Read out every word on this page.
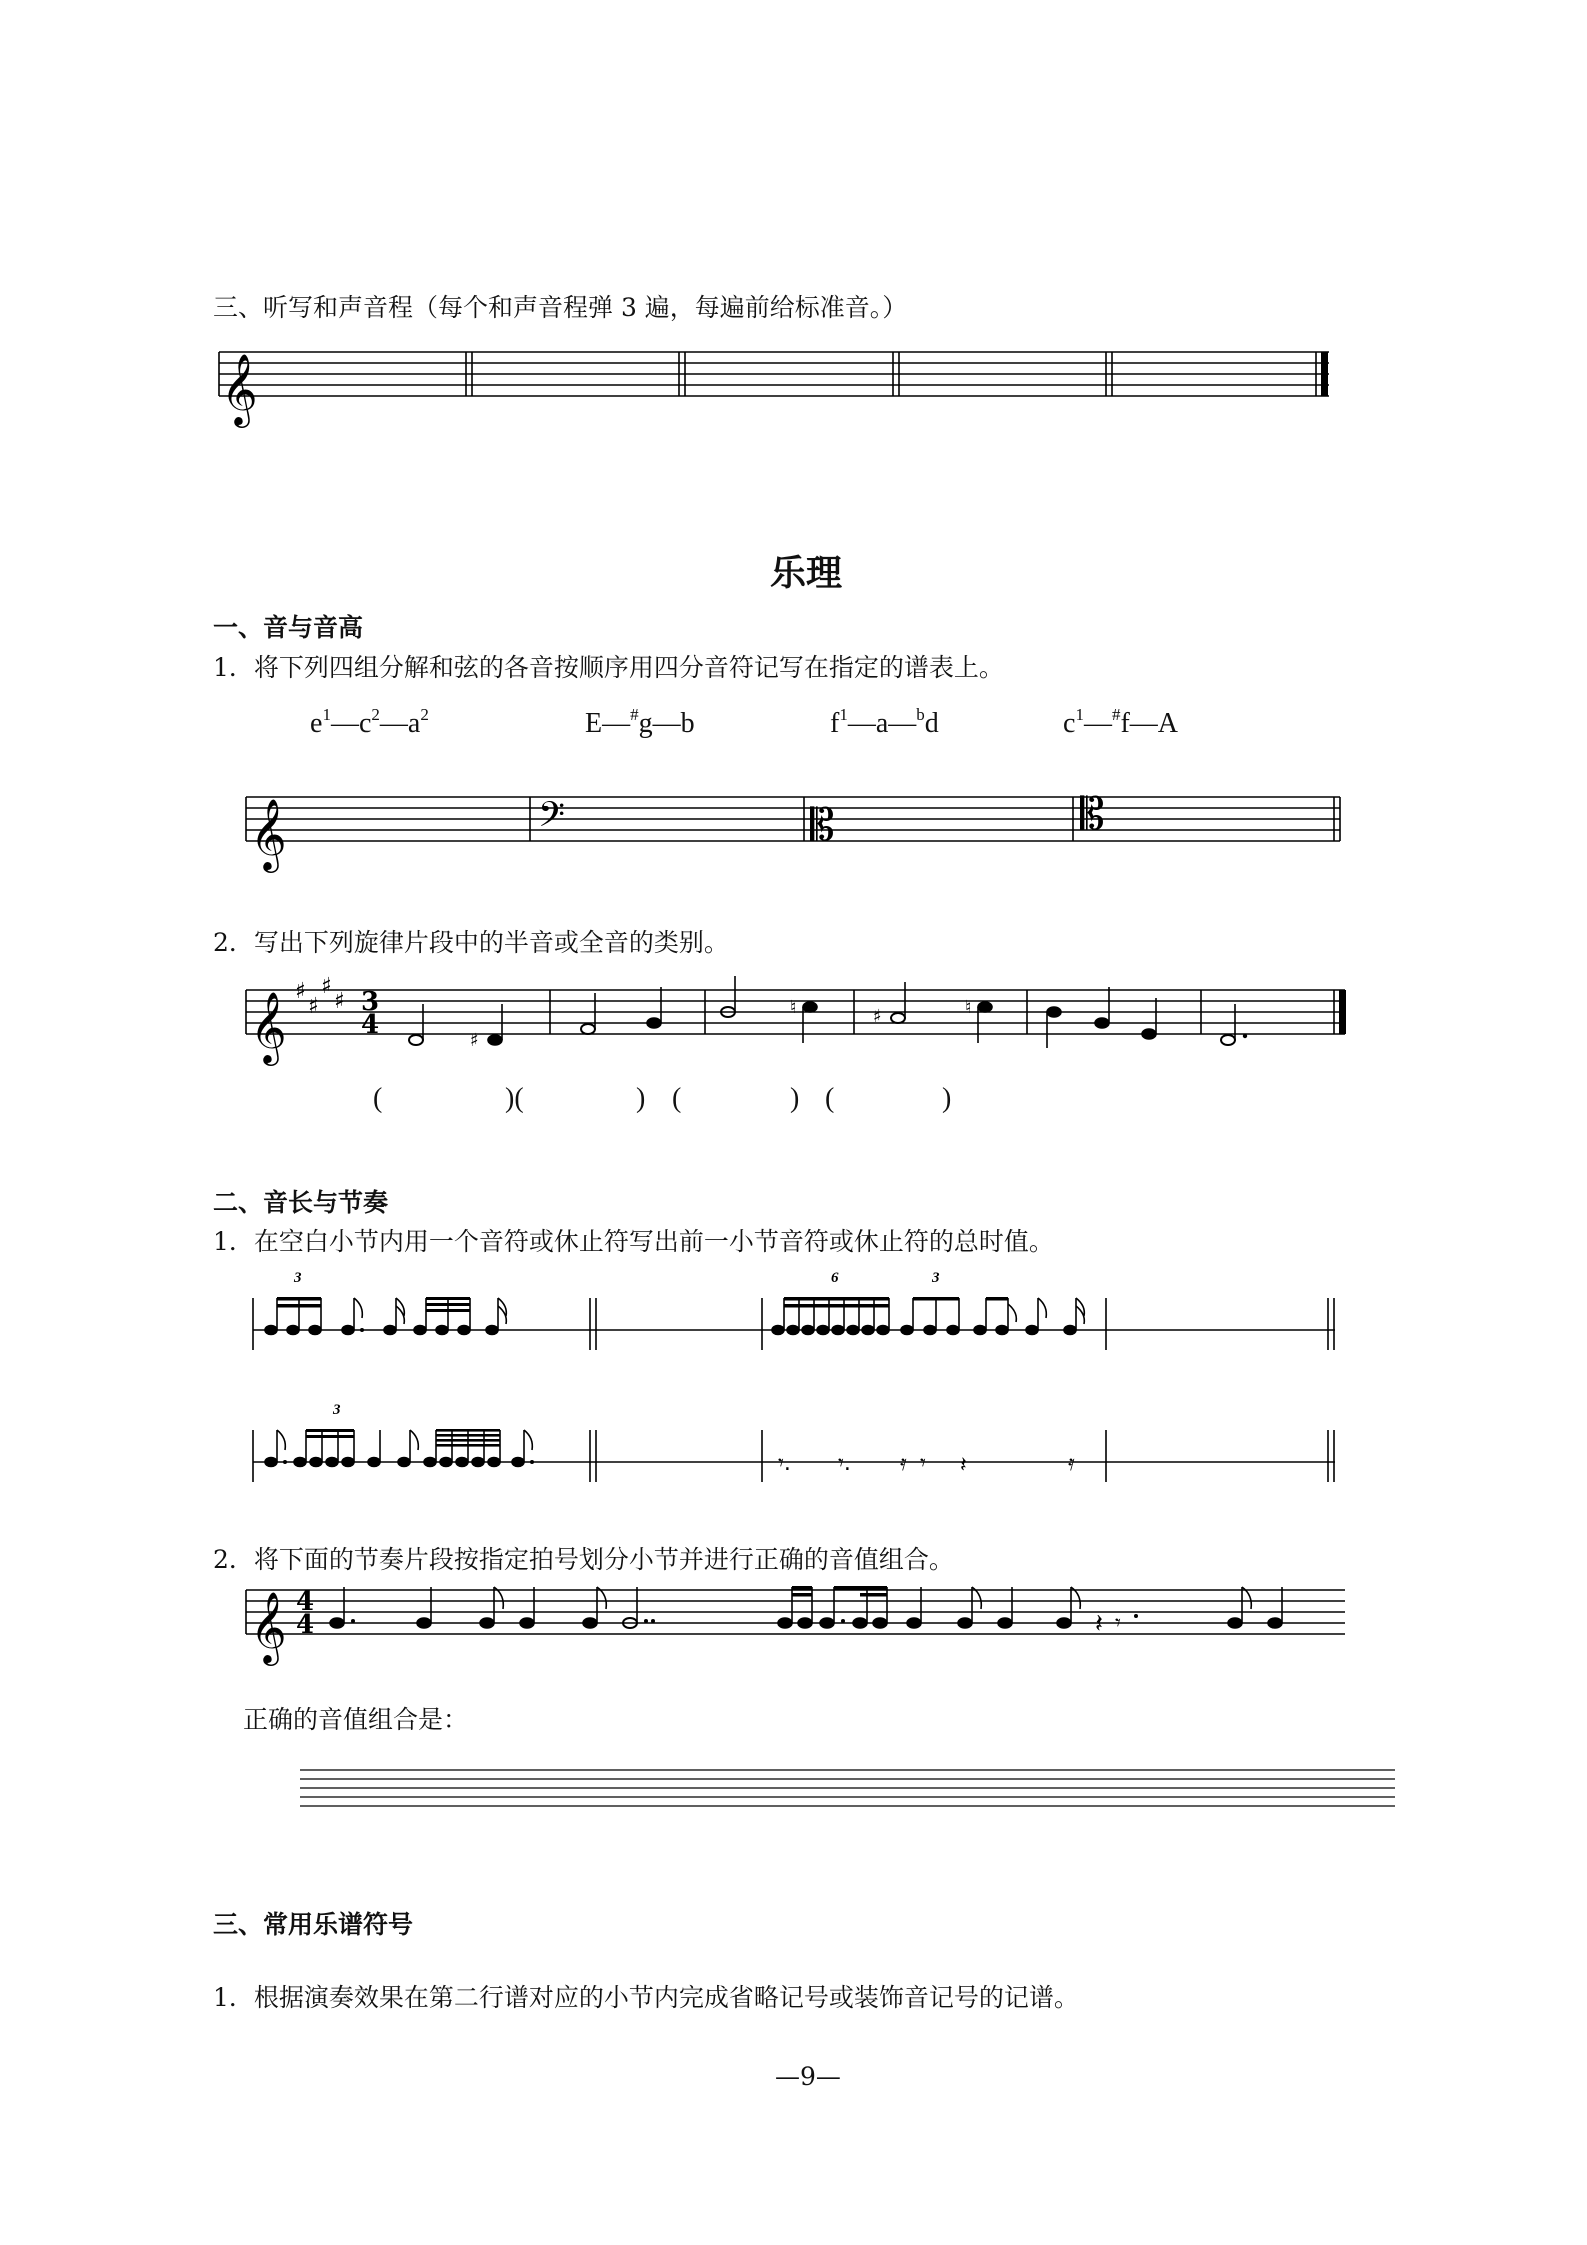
三、听写和声音程（每个和声音程弹 3 遍，每遍前给标准音。）
𝄞
𝄞	𝄢	𝄡	𝄡
𝄞 ♯
♯
♯
♯ 3
4
♯
♮	♯	♮
3	6	3
𝄾. 𝄾. 𝄿 𝄾 𝄽	𝄿
3
𝄞 4
4	𝄽 𝄾
乐理
一、音与音高
1．将下列四组分解和弦的各音按顺序用四分音符记写在指定的谱表上。
$e^1—c^2—a^2$	E—#g—b	$f^1—a—^bd$	$c^1—^{\#}f—A$
2．写出下列旋律片段中的半音或全音的类别。
(	)(	) (	) (	)
二、音长与节奏
1．在空白小节内用一个音符或休止符写出前一小节音符或休止符的总时值。
2．将下面的节奏片段按指定拍号划分小节并进行正确的音值组合。
正确的音值组合是：
三、常用乐谱符号
1．根据演奏效果在第二行谱对应的小节内完成省略记号或装饰音记号的记谱。
—9—
